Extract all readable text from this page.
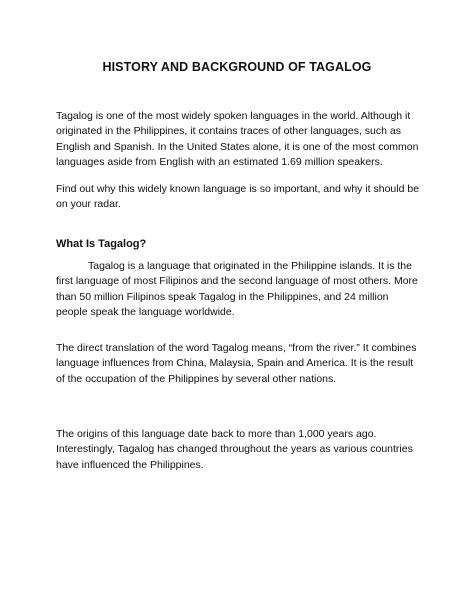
HISTORY AND BACKGROUND OF TAGALOG

Tagalog is one of the most widely spoken languages in the world. Although it originated in the Philippines, it contains traces of other languages, such as English and Spanish. In the United States alone, it is one of the most common languages aside from English with an estimated 1.69 million speakers.

Find out why this widely known language is so important, and why it should be on your radar.

What Is Tagalog?

Tagalog is a language that originated in the Philippine islands. It is the first language of most Filipinos and the second language of most others. More than 50 million Filipinos speak Tagalog in the Philippines, and 24 million people speak the language worldwide.

The direct translation of the word Tagalog means, “from the river.” It combines language influences from China, Malaysia, Spain and America. It is the result of the occupation of the Philippines by several other nations.

The origins of this language date back to more than 1,000 years ago. Interestingly, Tagalog has changed throughout the years as various countries have influenced the Philippines.
